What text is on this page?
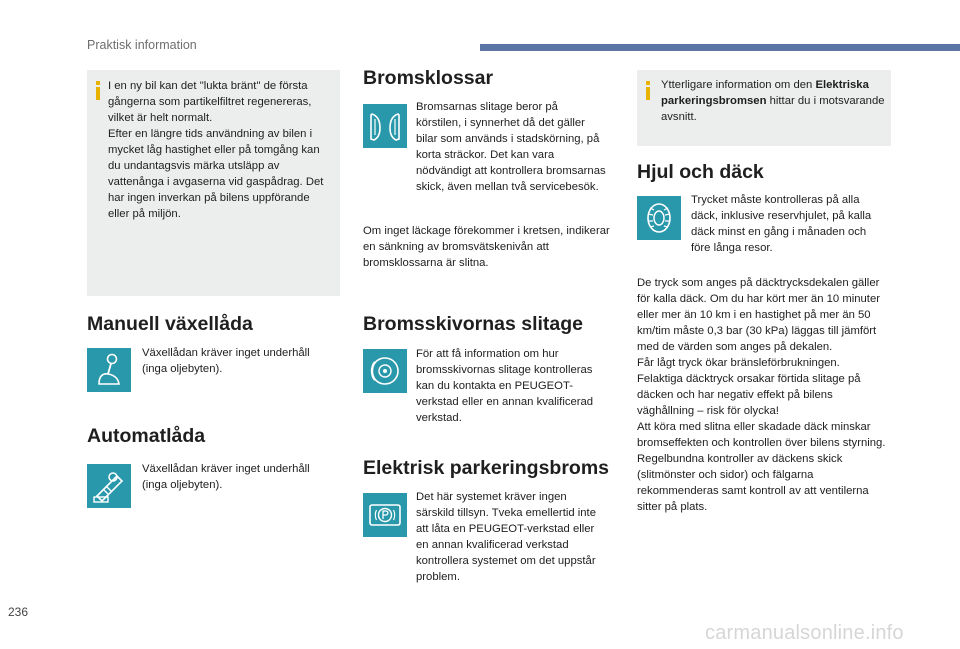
Praktisk information
I en ny bil kan det "lukta bränt" de första gångerna som partikelfiltret regenereras, vilket är helt normalt.
Efter en längre tids användning av bilen i mycket låg hastighet eller på tomgång kan du undantagsvis märka utsläpp av vattenånga i avgaserna vid gaspådrag. Det har ingen inverkan på bilens uppförande eller på miljön.
Manuell växellåda
Växellådan kräver inget underhåll (inga oljebyten).
Automatlåda
Växellådan kräver inget underhåll (inga oljebyten).
Bromsklossar
Bromsarnas slitage beror på körstilen, i synnerhet då det gäller bilar som används i stadskörning, på korta sträckor. Det kan vara nödvändigt att kontrollera bromsarnas skick, även mellan två servicebesök.
Om inget läckage förekommer i kretsen, indikerar en sänkning av bromsvätskenivån att bromsklossarna är slitna.
Bromsskivornas slitage
För att få information om hur bromsskivornas slitage kontrolleras kan du kontakta en PEUGEOT-verkstad eller en annan kvalificerad verkstad.
Elektrisk parkeringsbroms
Det här systemet kräver ingen särskild tillsyn. Tveka emellertid inte att låta en PEUGEOT-verkstad eller en annan kvalificerad verkstad kontrollera systemet om det uppstår problem.
Ytterligare information om den Elektriska parkeringsbromsen hittar du i motsvarande avsnitt.
Hjul och däck
Trycket måste kontrolleras på alla däck, inklusive reservhjulet, på kalla däck minst en gång i månaden och före långa resor.
De tryck som anges på däcktrycksdekalen gäller för kalla däck. Om du har kört mer än 10 minuter eller mer än 10 km i en hastighet på mer än 50 km/tim måste 0,3 bar (30 kPa) läggas till jämfört med de värden som anges på dekalen.
Får lågt tryck ökar bränsleförbrukningen.
Felaktiga däcktryck orsakar förtida slitage på däcken och har negativ effekt på bilens väghållning – risk för olycka!
Att köra med slitna eller skadade däck minskar bromseffekten och kontrollen över bilens styrning. Regelbundna kontroller av däckens skick (slitmönster och sidor) och fälgarna rekommenderas samt kontroll av att ventilerna sitter på plats.
236
carmanualsonline.info
